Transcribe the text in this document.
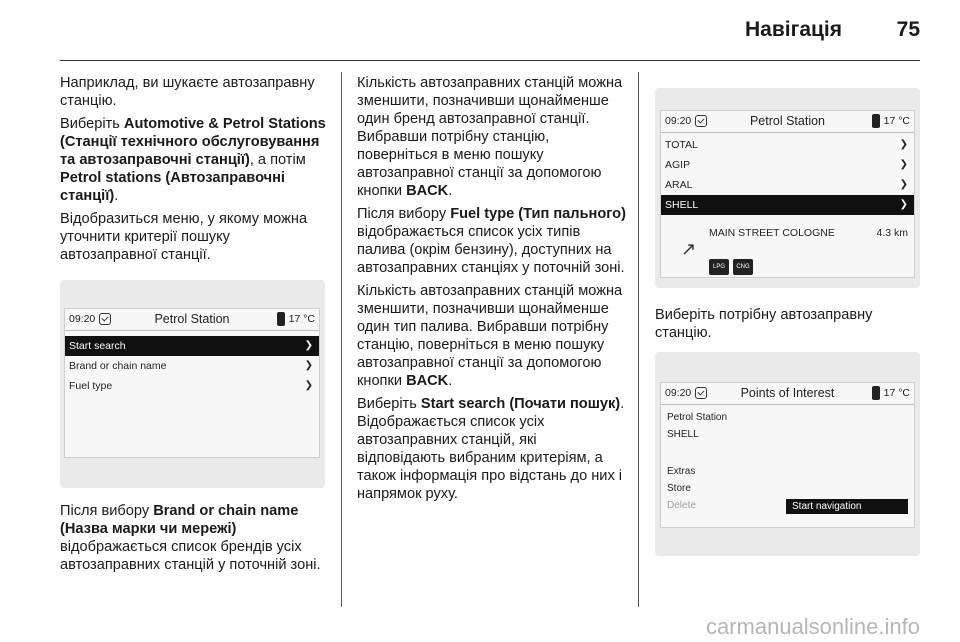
Навігація	75

Наприклад, ви шукаєте автозаправну станцію.

Виберіть Automotive & Petrol Stations (Станції технічного обслуговування та автозаправочні станції), а потім Petrol stations (Автозаправочні станції).

Відобразиться меню, у якому можна уточнити критерії пошуку автозаправної станції.

09:20	Petrol Station	17 °C
Start search	❯
Brand or chain name	❯
Fuel type	❯

Після вибору Brand or chain name (Назва марки чи мережі) відображається список брендів усіх автозаправних станцій у поточній зоні.

Кількість автозаправних станцій можна зменшити, позначивши щонайменше один бренд автозаправної станції. Вибравши потрібну станцію, поверніться в меню пошуку автозаправної станції за допомогою кнопки BACK.

Після вибору Fuel type (Тип пального) відображається список усіх типів палива (окрім бензину), доступних на автозаправних станціях у поточній зоні.

Кількість автозаправних станцій можна зменшити, позначивши щонайменше один тип палива. Вибравши потрібну станцію, поверніться в меню пошуку автозаправної станції за допомогою кнопки BACK.

Виберіть Start search (Почати пошук). Відображається список усіх автозаправних станцій, які відповідають вибраним критеріям, а також інформація про відстань до них і напрямок руху.

09:20	Petrol Station	17 °C
TOTAL	❯
AGIP	❯
ARAL	❯
SHELL	❯
MAIN STREET COLOGNE	4.3 km
↗
LPG	CNG

Виберіть потрібну автозаправну станцію.

09:20	Points of Interest	17 °C
Petrol Station
SHELL
Extras
Store
Delete	Start navigation
carmanualsonline.info
